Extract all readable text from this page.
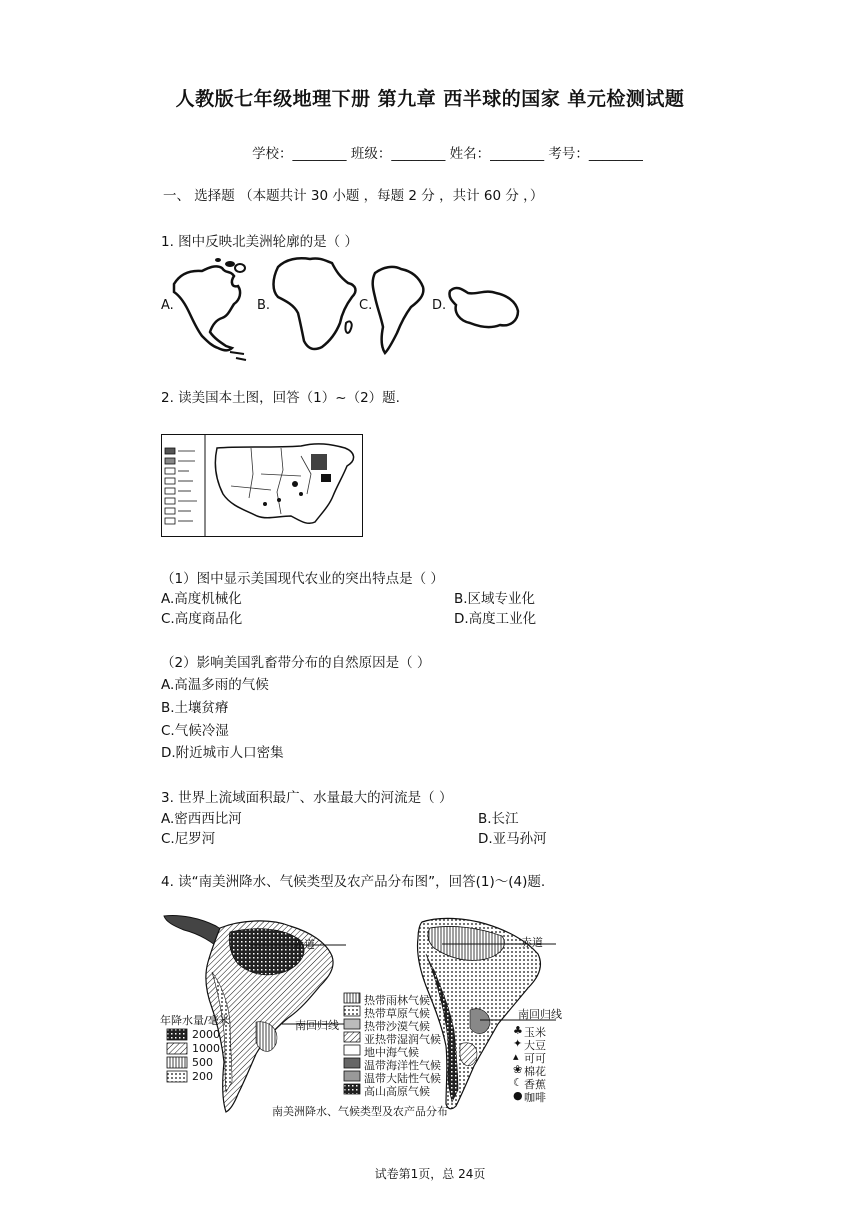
人教版七年级地理下册 第九章 西半球的国家 单元检测试题
学校：________ 班级：________ 姓名：________ 考号：________
一、 选择题 （本题共计 30 小题 ，每题 2 分 ，共计 60 分 ，）
1. 图中反映北美洲轮廓的是（ ）
A.	B.	C.	D.
2. 读美国本土图，回答（1）~（2）题.
（1）图中显示美国现代农业的突出特点是（ ）
A.高度机械化	B.区域专业化
C.高度商品化	D.高度工业化
（2）影响美国乳畜带分布的自然原因是（ ）
A.高温多雨的气候
B.土壤贫瘠
C.气候冷湿
D.附近城市人口密集
3. 世界上流域面积最广、水量最大的河流是（ ）
A.密西西比河	B.长江
C.尼罗河	D.亚马孙河
4. 读“南美洲降水、气候类型及农产品分布图”，回答(1)～(4)题.
赤道
南回归线
年降水量/毫米
2000
1000
500
200
热带雨林气候
热带草原气候
热带沙漠气候
亚热带湿润气候
地中海气候
温带海洋性气候
温带大陆性气候
高山高原气候
赤道
南回归线
♣ 玉米
✦ 大豆
▴ 可可
❀ 棉花
☾ 香蕉
● 咖啡
南美洲降水、气候类型及农产品分布
试卷第1页，总 24页
